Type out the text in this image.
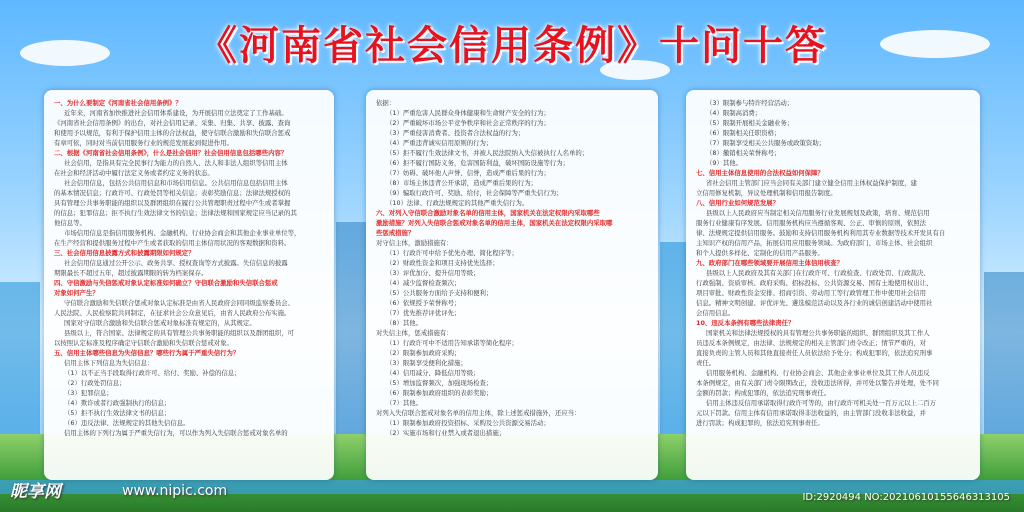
《河南省社会信用条例》十问十答
一、为什么要制定《河南省社会信用条例》？
近年来，河南省加快推进社会信用体系建设，为开展信用立法奠定了工作基础。
《河南省社会信用条例》的出台，对社会信用记录、采集、归集、共享、披露、查询
和使用予以规范，有利于保护信用主体的合法权益，使守信联合激励和失信联合惩戒
有章可依，同时对当前信用服务行业的规范发展起到促进作用。
二、根据《河南省社会信用条例》，什么是社会信用？社会信用信息包括哪些内容？
社会信用，是指具有完全民事行为能力的自然人、法人和非法人组织等信用主体
在社会和经济活动中履行法定义务或者约定义务的状态。
社会信用信息，包括公共信用信息和市场信用信息。公共信用信息包括信用主体
的基本情况信息；行政许可、行政处罚等相关信息；表彰奖励信息；法律法规授权的
具有管理公共事务职能的组织以及群团组织在履行公共管理职责过程中产生或者掌握
的信息；犯罪信息；拒不执行生效法律文书的信息；法律法规和国家规定应当记录的其
他信息等。
市场信用信息是指信用服务机构、金融机构、行业协会商会和其他企业事业单位等，
在生产经营和提供服务过程中产生或者获取的信用主体信用状况的客观数据和资料。
三、社会信用信息披露方式和披露期限如何规定？
社会信用信息通过公开公示、政务共享、授权查询等方式披露。失信信息的披露
期限最长不超过五年，超过披露期限的转为档案保存。
四、守信激励与失信惩戒对象认定标准如何确立？守信联合激励和失信联合惩戒
对象如何产生？
守信联合激励和失信联合惩戒对象认定标准是由省人民政府会同同级监察委员会、
人民法院、人民检察院共同制定，在征求社会公众意见后，由省人民政府公布实施。
国家对守信联合激励和失信联合惩戒对象标准有规定的，从其规定。
县级以上，符合国家、法律规定的具有管理公共事务职能的组织以及群团组织，可
以按照认定标准及程序确定守信联合激励和失信联合惩戒对象。
五、信用主体哪些信息为失信信息？哪些行为属于严重失信行为？
信用主体下列信息为失信信息：
（1）以不正当手段取得行政许可、给付、奖励、补偿的信息；
（2）行政处罚信息；
（3）犯罪信息；
（4）欺诈或者行政强制执行的信息；
（5）拒不执行生效法律文书的信息；
（6）违反法律、法规规定的其他失信信息。
信用主体的下列行为属于严重失信行为，可以作为列入失信联合惩戒对象名单的
依据：
（1）严重危害人民群众身体健康和生命财产安全的行为；
（2）严重破坏市场公平竞争秩序和社会正常秩序的行为；
（3）严重侵害消费者、投资者合法权益的行为；
（4）严重违背诚实信用原则的行为；
（5）拒不履行生效法律文书，并被人民法院纳入失信被执行人名单的；
（6）拒不履行国防义务，危害国防利益，破坏国防设施等行为；
（7）妨碍、破坏他人声誉、信誉，造成严重后果的行为；
（8）市场主体违背公开承诺，造成严重后果的行为；
（9）骗取行政许可、奖励、给付，社会保障等严重失信行为；
（10）法律、行政法规规定的其他严重失信行为。
六、对列入守信联合激励对象名单的信用主体，国家机关在法定权限内采取哪些
激励措施？对列入失信联合惩戒对象名单的信用主体，国家机关在法定权限内采取哪
些惩戒措施？
对守信主体，激励措施有：
（1）行政许可中给予优先办理、简化程序等；
（2）财政性资金和项目支持优先选择；
（3）评优加分、提升信用等级；
（4）减少监督检查频次；
（5）公共服务方面给予支持和便利；
（6）依规授予荣誉称号；
（7）优先推荐评优评先；
（8）其他。
对失信主体，惩戒措施有：
（1）行政许可中不适用告知承诺等简化程序；
（2）限制参加政府采购；
（3）限制享受便利化措施；
（4）信用减分、降低信用等级；
（5）增加监督频次，加强现场检查；
（6）限制参加政府组织的表彰奖励；
（7）其他。
对列入失信联合惩戒对象名单的信用主体，除上述惩戒措施外，还应当：
（1）限制参加政府投资招标、采购及公共资源交易活动；
（2）实施市场和行业禁入或者退出措施；
（3）限制参与特许经营活动；
（4）限制高消费；
（5）限制开展相关金融业务；
（6）限制相关任职资格；
（7）限制享受相关公共服务或政策资助；
（8）撤销相关荣誉称号；
（9）其他。
七、信用主体信息使用的合法权益如何保障？
省社会信用主管部门应当会同有关部门建立健全信用主体权益保护制度，建
立信用修复机制，异议处理机制和信用报告制度。
八、信用行业如何规范发展？
县级以上人民政府应当制定相关信用服务行业发展规划及政策，培育、规范信用
服务行业健康有序发展。信用服务机构应当遵循客观、公正、审慎的原则，依照法
律、法规规定提供信用服务。鼓励和支持信用服务机构利用其专业数据等技术开发具有自
主知识产权的信用产品，拓展信用应用服务领域。为政府部门、市场主体、社会组织
和个人提供多样化、定制化的信用产品服务。
九、政府部门在哪些领域要开展信用主体信用核查？
县级以上人民政府及其有关部门在行政许可、行政检查、行政处罚、行政裁决、
行政强制、资质审核、政府采购、招标投标、公共资源交易、国有土地使用权出让、
项目审批、财政性资金安排、招商引资、劳动用工等行政管理工作中使用社会信用
信息。精神文明创建、评优评先、遴选模范活动以及各行业的诚信创建活动中使用社
会信用信息。
10、违反本条例有哪些法律责任？
国家机关和法律法规授权的具有管理公共事务职能的组织、群团组织及其工作人
员违反本条例规定，由法律、法规规定的相关主管部门责令改正；情节严重的，对
直接负责的主管人员和其他直接责任人员依法给予处分；构成犯罪的，依法追究刑事
责任。
信用服务机构、金融机构、行业协会商会、其他企业事业单位及其工作人员违反
本条例规定，由有关部门责令限期改正，没收违法所得，并可处以警告并处理，处不同
金额的罚款；构成犯罪的，依法追究刑事责任。
信用主体违反信用承诺取得行政许可等的，由行政许可机关处一百万元以上二百万
元以下罚款。信用主体有信用承诺取得非法收益的，由主管部门没收非法收益，并
进行罚款；构成犯罪的，依法追究刑事责任。
昵享网	www.nipic.com	ID:2920494 NO:20210610155646313105
